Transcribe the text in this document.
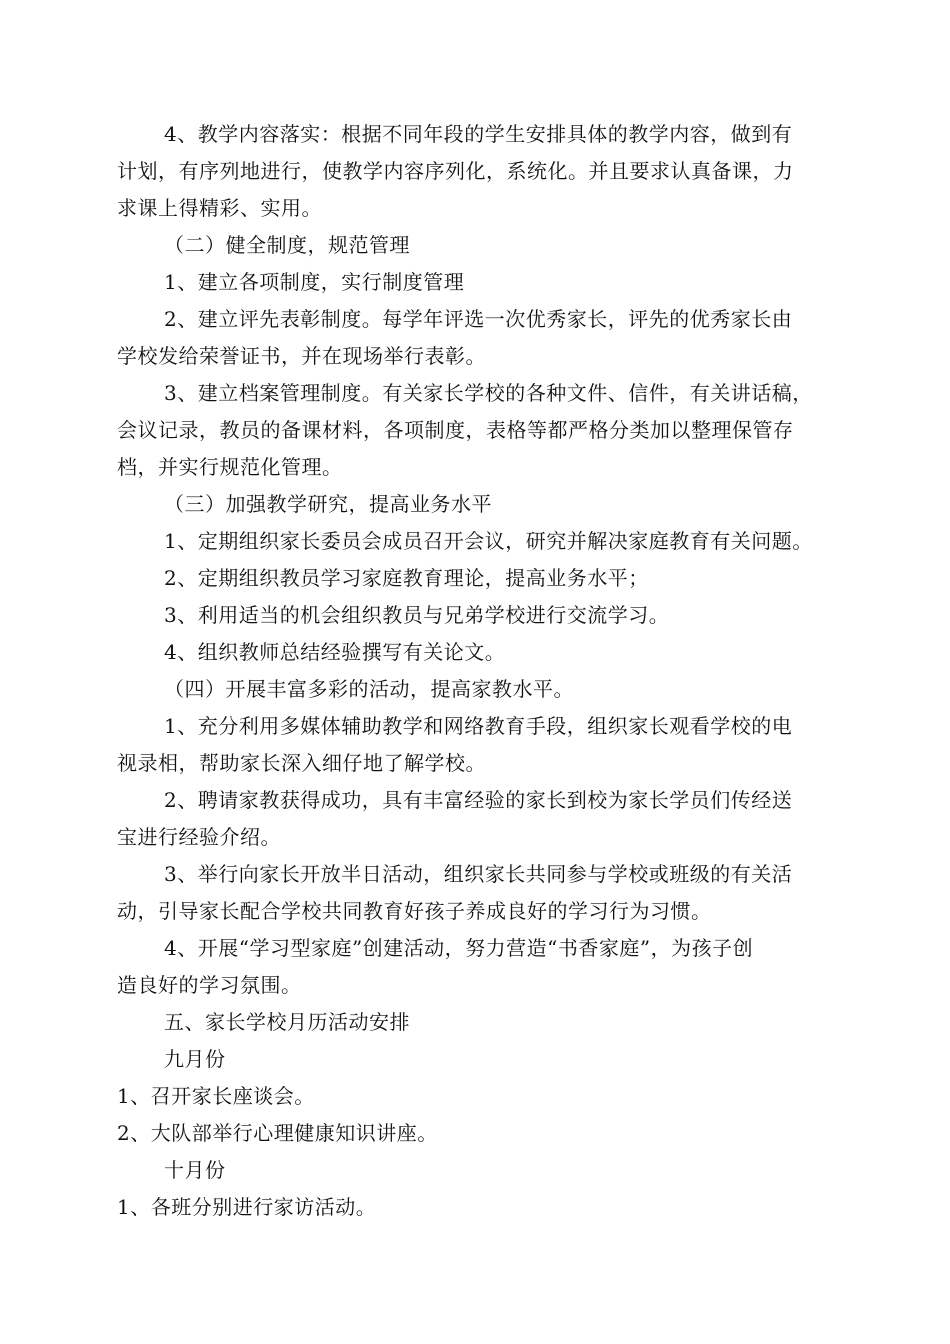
4、教学内容落实：根据不同年段的学生安排具体的教学内容，做到有
计划，有序列地进行，使教学内容序列化，系统化。并且要求认真备课，力
求课上得精彩、实用。
（二）健全制度，规范管理
1、建立各项制度，实行制度管理
2、建立评先表彰制度。每学年评选一次优秀家长，评先的优秀家长由
学校发给荣誉证书，并在现场举行表彰。
3、建立档案管理制度。有关家长学校的各种文件、信件，有关讲话稿，
会议记录，教员的备课材料，各项制度，表格等都严格分类加以整理保管存
档，并实行规范化管理。
（三）加强教学研究，提高业务水平
1、定期组织家长委员会成员召开会议，研究并解决家庭教育有关问题。
2、定期组织教员学习家庭教育理论，提高业务水平；
3、利用适当的机会组织教员与兄弟学校进行交流学习。
4、组织教师总结经验撰写有关论文。
（四）开展丰富多彩的活动，提高家教水平。
1、充分利用多媒体辅助教学和网络教育手段，组织家长观看学校的电
视录相，帮助家长深入细仔地了解学校。
2、聘请家教获得成功，具有丰富经验的家长到校为家长学员们传经送
宝进行经验介绍。
3、举行向家长开放半日活动，组织家长共同参与学校或班级的有关活
动，引导家长配合学校共同教育好孩子养成良好的学习行为习惯。
4、开展“学习型家庭”创建活动，努力营造“书香家庭”，为孩子创
造良好的学习氛围。
五、家长学校月历活动安排
九月份
1、召开家长座谈会。
2、大队部举行心理健康知识讲座。
十月份
1、各班分别进行家访活动。
